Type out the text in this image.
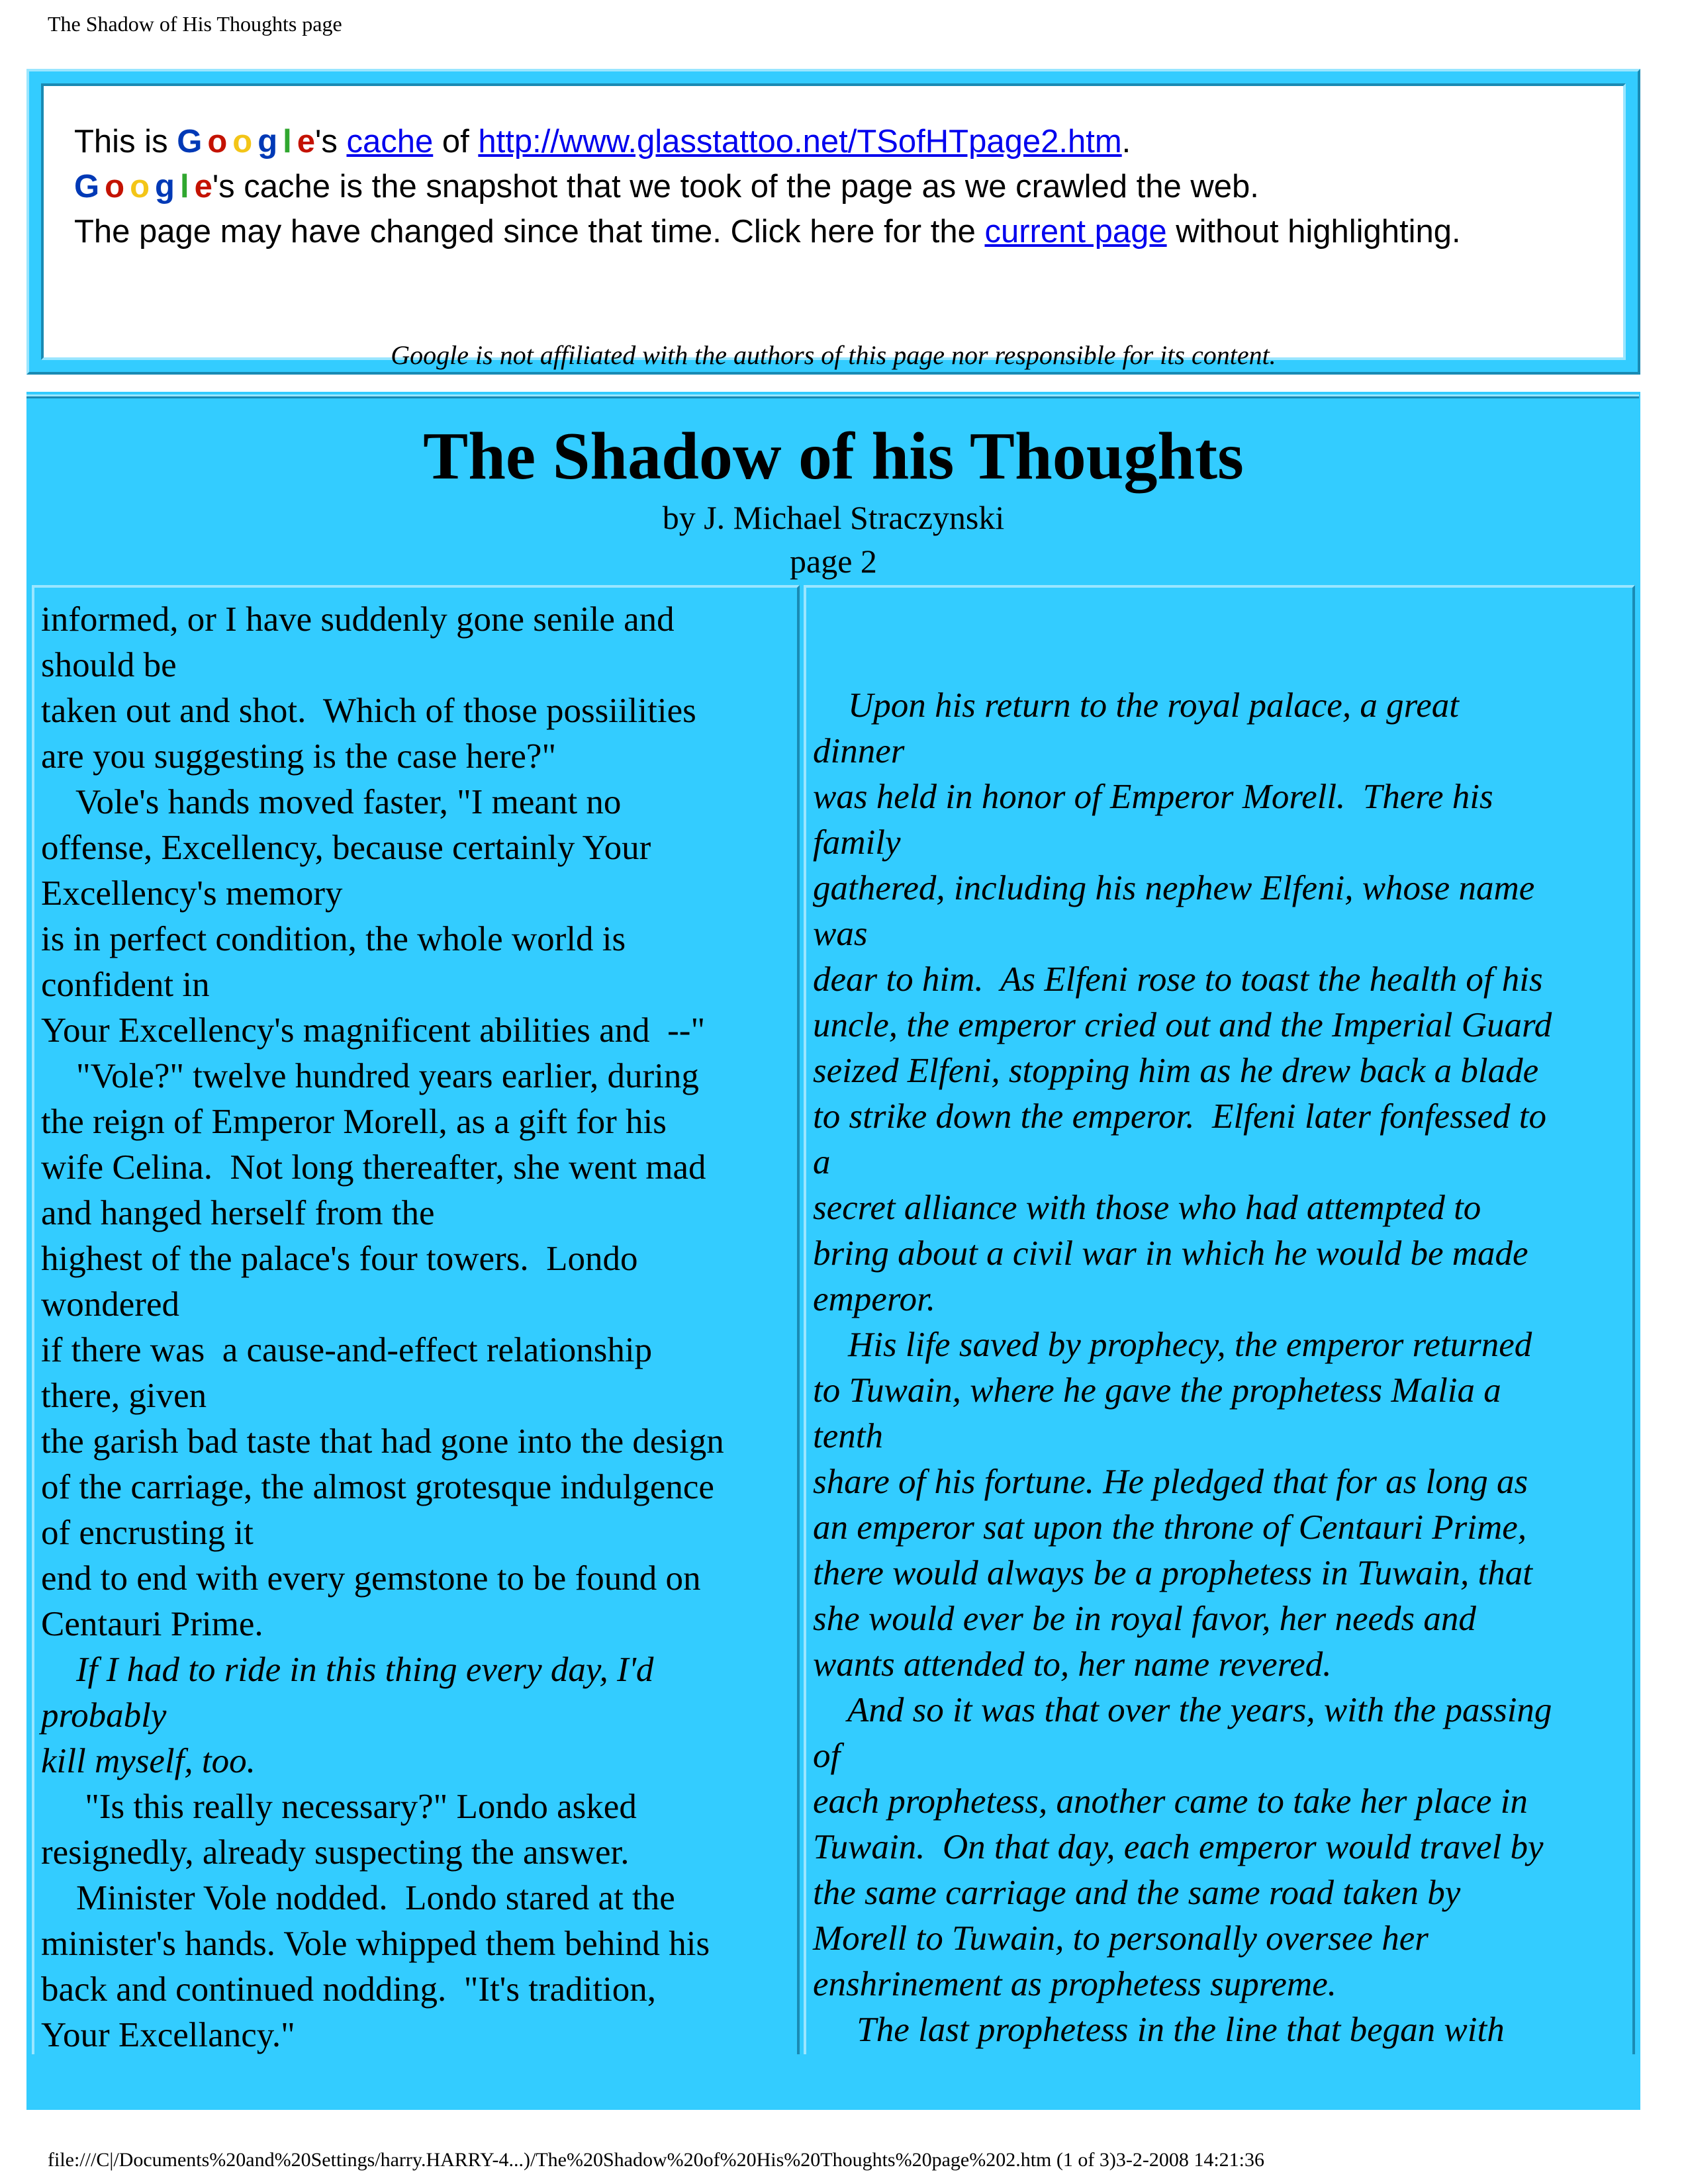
The Shadow of His Thoughts page
This is Google's cache of http://www.glasstattoo.net/TSofHTpage2.htm.
Google's cache is the snapshot that we took of the page as we crawled the web.
The page may have changed since that time. Click here for the current page without highlighting.
Google is not affiliated with the authors of this page nor responsible for its content.
The Shadow of his Thoughts
by J. Michael Straczynski
page 2
informed, or I have suddenly gone senile and
should be
taken out and shot.  Which of those possiilities
are you suggesting is the case here?"
Vole's hands moved faster, "I meant no
offense, Excellency, because certainly Your
Excellency's memory
is in perfect condition, the whole world is
confident in
Your Excellency's magnificent abilities and  --"
"Vole?" twelve hundred years earlier, during
the reign of Emperor Morell, as a gift for his
wife Celina.  Not long thereafter, she went mad
and hanged herself from the
highest of the palace's four towers.  Londo
wondered
if there was  a cause-and-effect relationship
there, given
the garish bad taste that had gone into the design
of the carriage, the almost grotesque indulgence
of encrusting it
end to end with every gemstone to be found on
Centauri Prime.
If I had to ride in this thing every day, I'd
probably
kill myself, too.
"Is this really necessary?" Londo asked
resignedly, already suspecting the answer.
Minister Vole nodded.  Londo stared at the
minister's hands. Vole whipped them behind his
back and continued nodding.  "It's tradition,
Your Excellancy."
Upon his return to the royal palace, a great
dinner
was held in honor of Emperor Morell.  There his
family
gathered, including his nephew Elfeni, whose name
was
dear to him.  As Elfeni rose to toast the health of his
uncle, the emperor cried out and the Imperial Guard
seized Elfeni, stopping him as he drew back a blade
to strike down the emperor.  Elfeni later fonfessed to
a
secret alliance with those who had attempted to
bring about a civil war in which he would be made
emperor.
His life saved by prophecy, the emperor returned
to Tuwain, where he gave the prophetess Malia a
tenth
share of his fortune. He pledged that for as long as
an emperor sat upon the throne of Centauri Prime,
there would always be a prophetess in Tuwain, that
she would ever be in royal favor, her needs and
wants attended to, her name revered.
And so it was that over the years, with the passing
of
each prophetess, another came to take her place in
Tuwain.  On that day, each emperor would travel by
the same carriage and the same road taken by
Morell to Tuwain, to personally oversee her
enshrinement as prophetess supreme.
The last prophetess in the line that began with
file:///C|/Documents%20and%20Settings/harry.HARRY-4...)/The%20Shadow%20of%20His%20Thoughts%20page%202.htm (1 of 3)3-2-2008 14:21:36
